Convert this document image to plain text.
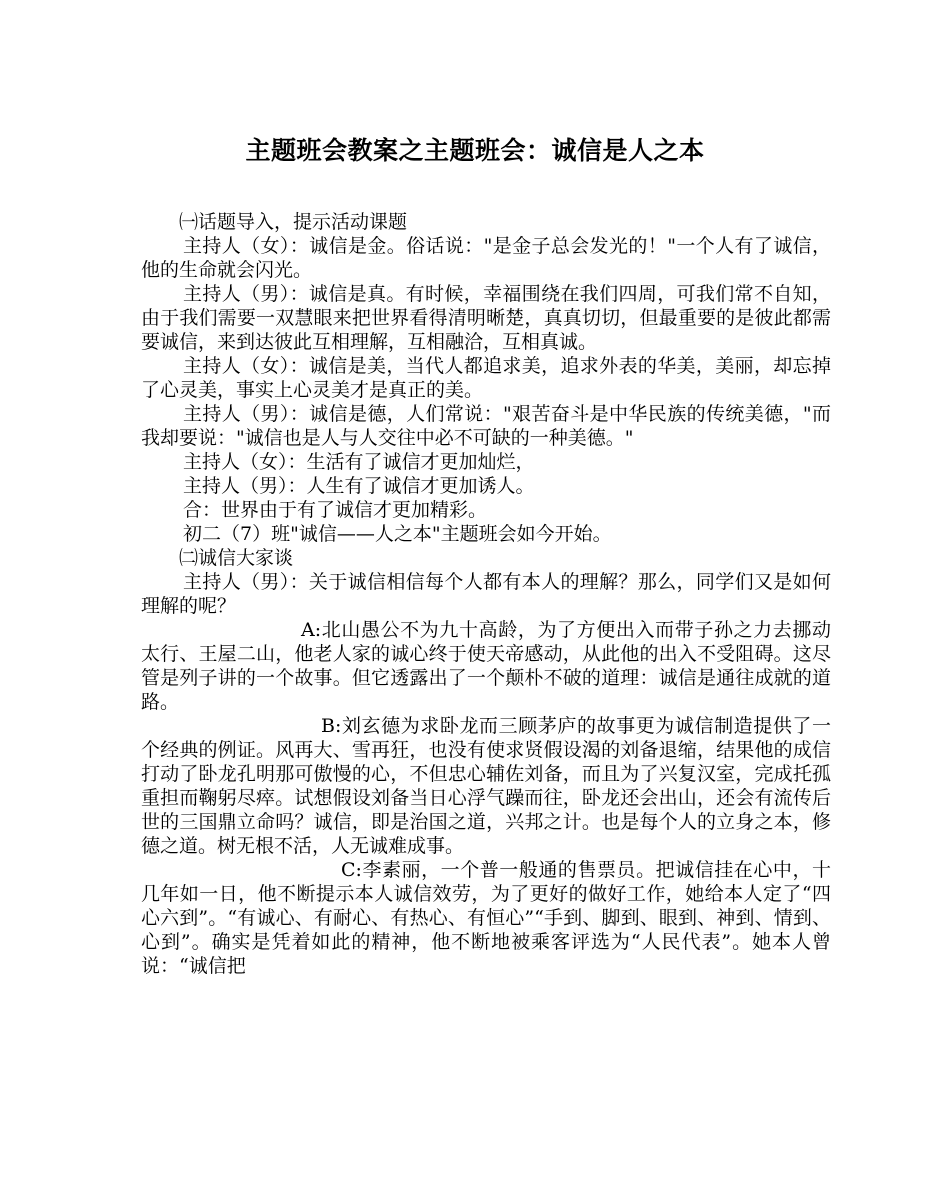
主题班会教案之主题班会：诚信是人之本

㈠话题导入，提示活动课题

主持人（女）：诚信是金。俗话说："是金子总会发光的！"一个人有了诚信，他的生命就会闪光。

主持人（男）：诚信是真。有时候，幸福围绕在我们四周，可我们常不自知，由于我们需要一双慧眼来把世界看得清明晰楚，真真切切，但最重要的是彼此都需要诚信，来到达彼此互相理解，互相融洽，互相真诚。

主持人（女）：诚信是美，当代人都追求美，追求外表的华美，美丽，却忘掉了心灵美，事实上心灵美才是真正的美。

主持人（男）：诚信是德，人们常说："艰苦奋斗是中华民族的传统美德，"而我却要说："诚信也是人与人交往中必不可缺的一种美德。"

主持人（女）：生活有了诚信才更加灿烂，

主持人（男）：人生有了诚信才更加诱人。

合：世界由于有了诚信才更加精彩。

初二（7）班"诚信——人之本"主题班会如今开始。

㈡诚信大家谈

主持人（男）：关于诚信相信每个人都有本人的理解？那么，同学们又是如何理解的呢？

A:北山愚公不为九十高龄，为了方便出入而带子孙之力去挪动太行、王屋二山，他老人家的诚心终于使天帝感动，从此他的出入不受阻碍。这尽管是列子讲的一个故事。但它透露出了一个颠朴不破的道理：诚信是通往成就的道路。

B:刘玄德为求卧龙而三顾茅庐的故事更为诚信制造提供了一个经典的例证。风再大、雪再狂，也没有使求贤假设渴的刘备退缩，结果他的成信打动了卧龙孔明那可傲慢的心，不但忠心辅佐刘备，而且为了兴复汉室，完成托孤重担而鞠躬尽瘁。试想假设刘备当日心浮气躁而往，卧龙还会出山，还会有流传后世的三国鼎立命吗？诚信，即是治国之道，兴邦之计。也是每个人的立身之本，修德之道。树无根不活，人无诚难成事。

C:李素丽，一个普一般通的售票员。把诚信挂在心中，十几年如一日，他不断提示本人诚信效劳，为了更好的做好工作，她给本人定了“四心六到”。“有诚心、有耐心、有热心、有恒心”“手到、脚到、眼到、神到、情到、心到”。确实是凭着如此的精神，他不断地被乘客评选为“人民代表”。她本人曾说：“诚信把
